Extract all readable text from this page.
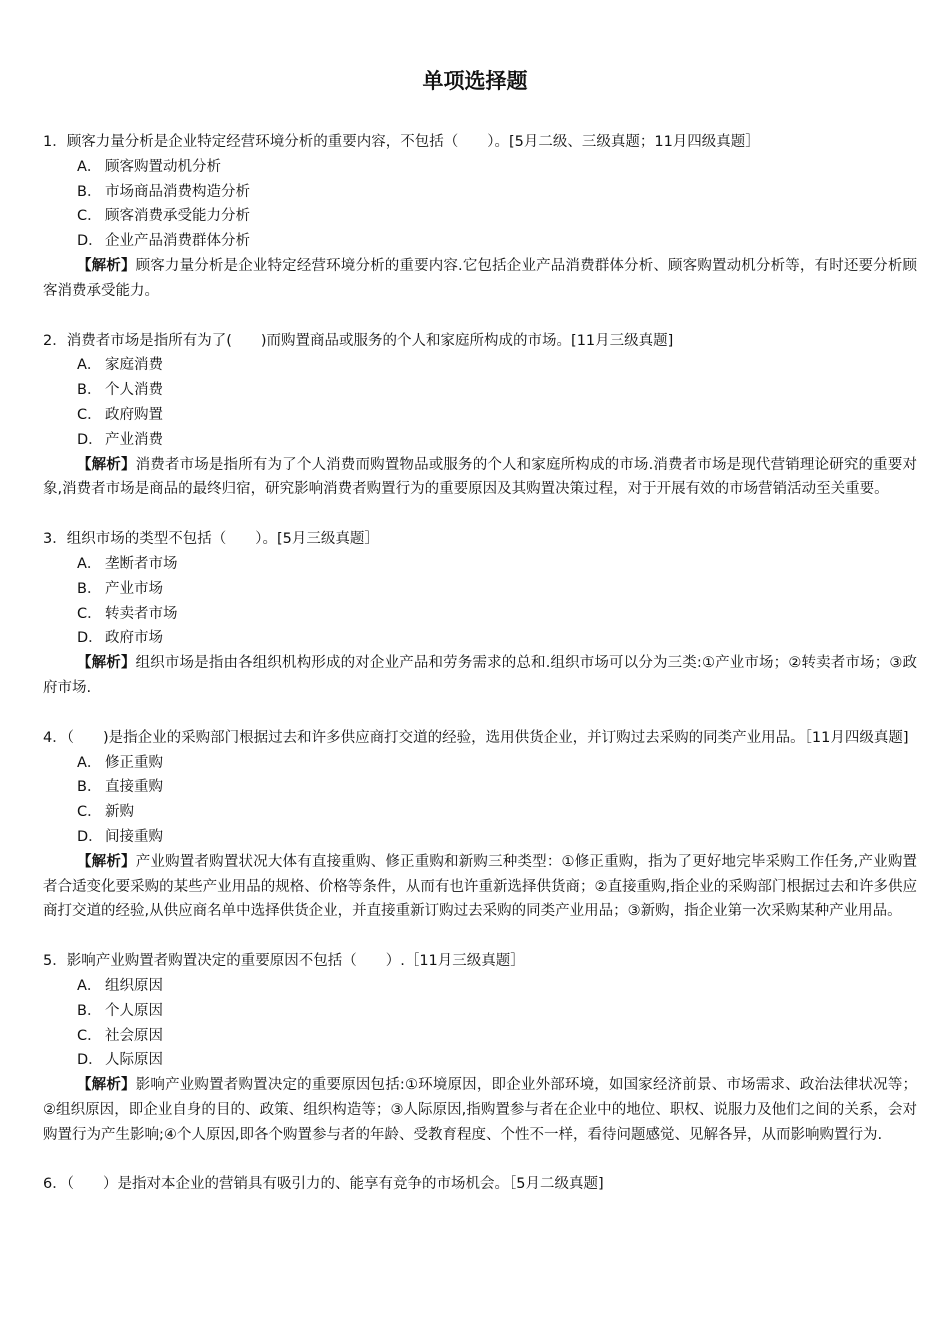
单项选择题

1．顾客力量分析是企业特定经营环境分析的重要内容，不包括（　　）。[5月二级、三级真题；11月四级真题］

A． 顾客购置动机分析
B． 市场商品消费构造分析
C． 顾客消费承受能力分析
D． 企业产品消费群体分析

【解析】顾客力量分析是企业特定经营环境分析的重要内容.它包括企业产品消费群体分析、顾客购置动机分析等，有时还要分析顾客消费承受能力。

2．消费者市场是指所有为了(　　)而购置商品或服务的个人和家庭所构成的市场。[11月三级真题]

A． 家庭消费
B． 个人消费
C． 政府购置
D． 产业消费

【解析】消费者市场是指所有为了个人消费而购置物品或服务的个人和家庭所构成的市场.消费者市场是现代营销理论研究的重要对象,消费者市场是商品的最终归宿，研究影响消费者购置行为的重要原因及其购置决策过程，对于开展有效的市场营销活动至关重要。

3．组织市场的类型不包括（　　）。[5月三级真题］

A． 垄断者市场
B． 产业市场
C． 转卖者市场
D． 政府市场

【解析】组织市场是指由各组织机构形成的对企业产品和劳务需求的总和.组织市场可以分为三类:①产业市场；②转卖者市场；③政府市场.

4．（　　)是指企业的采购部门根据过去和许多供应商打交道的经验，选用供货企业，并订购过去采购的同类产业用品。［11月四级真题]

A． 修正重购
B． 直接重购
C． 新购
D． 间接重购

【解析】产业购置者购置状况大体有直接重购、修正重购和新购三种类型：①修正重购，指为了更好地完毕采购工作任务,产业购置者合适变化要采购的某些产业用品的规格、价格等条件，从而有也许重新选择供货商；②直接重购,指企业的采购部门根据过去和许多供应商打交道的经验,从供应商名单中选择供货企业，并直接重新订购过去采购的同类产业用品；③新购，指企业第一次采购某种产业用品。

5．影响产业购置者购置决定的重要原因不包括（　　）.［11月三级真题］

A． 组织原因
B． 个人原因
C． 社会原因
D． 人际原因

【解析】影响产业购置者购置决定的重要原因包括:①环境原因，即企业外部环境，如国家经济前景、市场需求、政治法律状况等；②组织原因，即企业自身的目的、政策、组织构造等；③人际原因,指购置参与者在企业中的地位、职权、说服力及他们之间的关系，会对购置行为产生影响;④个人原因,即各个购置参与者的年龄、受教育程度、个性不一样，看待问题感觉、见解各异，从而影响购置行为.

6．（　　）是指对本企业的营销具有吸引力的、能享有竞争的市场机会。［5月二级真题]
